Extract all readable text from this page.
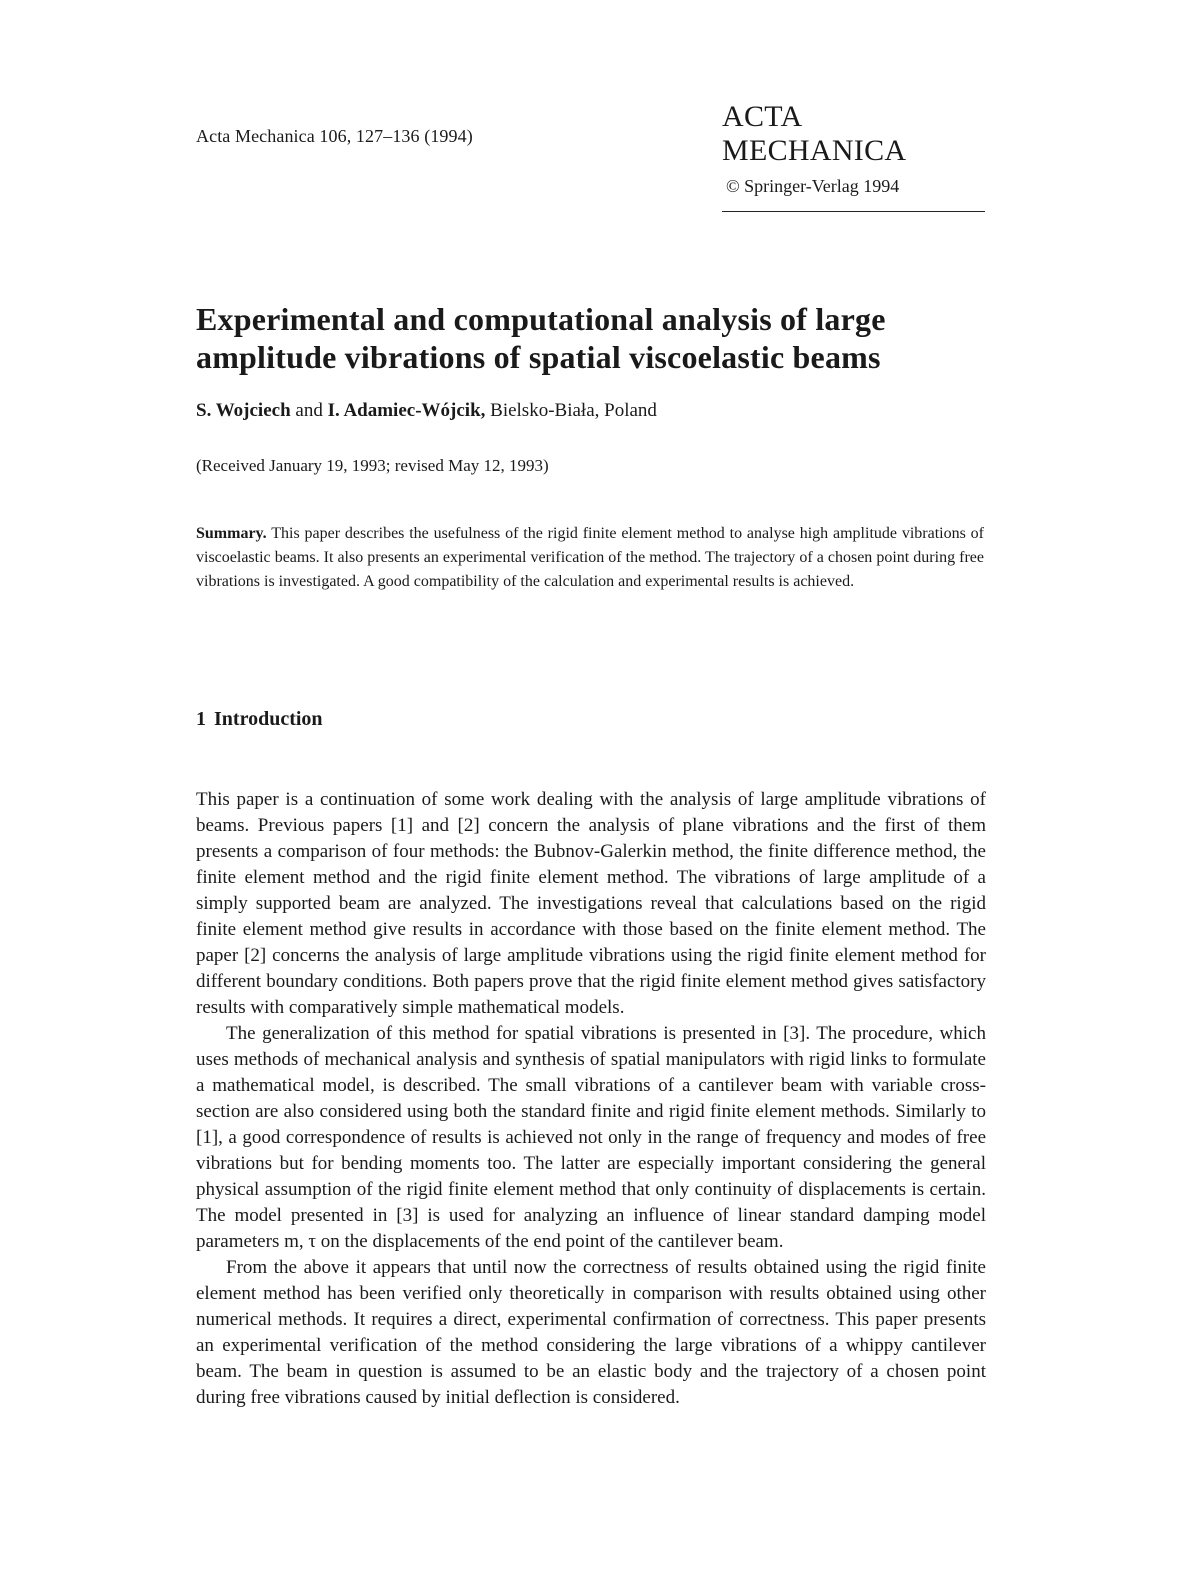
Acta Mechanica 106, 127–136 (1994)
ACTA MECHANICA
© Springer-Verlag 1994
Experimental and computational analysis of large
amplitude vibrations of spatial viscoelastic beams
S. Wojciech and I. Adamiec-Wójcik, Bielsko-Biała, Poland
(Received January 19, 1993; revised May 12, 1993)
Summary. This paper describes the usefulness of the rigid finite element method to analyse high amplitude vibrations of viscoelastic beams. It also presents an experimental verification of the method. The trajectory of a chosen point during free vibrations is investigated. A good compatibility of the calculation and experimental results is achieved.
1 Introduction

This paper is a continuation of some work dealing with the analysis of large amplitude vibrations of beams. Previous papers [1] and [2] concern the analysis of plane vibrations and the first of them presents a comparison of four methods: the Bubnov-Galerkin method, the finite difference method, the finite element method and the rigid finite element method. The vibrations of large amplitude of a simply supported beam are analyzed. The investigations reveal that calculations based on the rigid finite element method give results in accordance with those based on the finite element method. The paper [2] concerns the analysis of large amplitude vibrations using the rigid finite element method for different boundary conditions. Both papers prove that the rigid finite element method gives satisfactory results with comparatively simple mathematical models.

The generalization of this method for spatial vibrations is presented in [3]. The procedure, which uses methods of mechanical analysis and synthesis of spatial manipulators with rigid links to formulate a mathematical model, is described. The small vibrations of a cantilever beam with variable cross-section are also considered using both the standard finite and rigid finite element methods. Similarly to [1], a good correspondence of results is achieved not only in the range of frequency and modes of free vibrations but for bending moments too. The latter are especially important considering the general physical assumption of the rigid finite element method that only continuity of displacements is certain. The model presented in [3] is used for analyzing an influence of linear standard damping model parameters m, τ on the displacements of the end point of the cantilever beam.

From the above it appears that until now the correctness of results obtained using the rigid finite element method has been verified only theoretically in comparison with results obtained using other numerical methods. It requires a direct, experimental confirmation of correctness. This paper presents an experimental verification of the method considering the large vibrations of a whippy cantilever beam. The beam in question is assumed to be an elastic body and the trajectory of a chosen point during free vibrations caused by initial deflection is considered.
